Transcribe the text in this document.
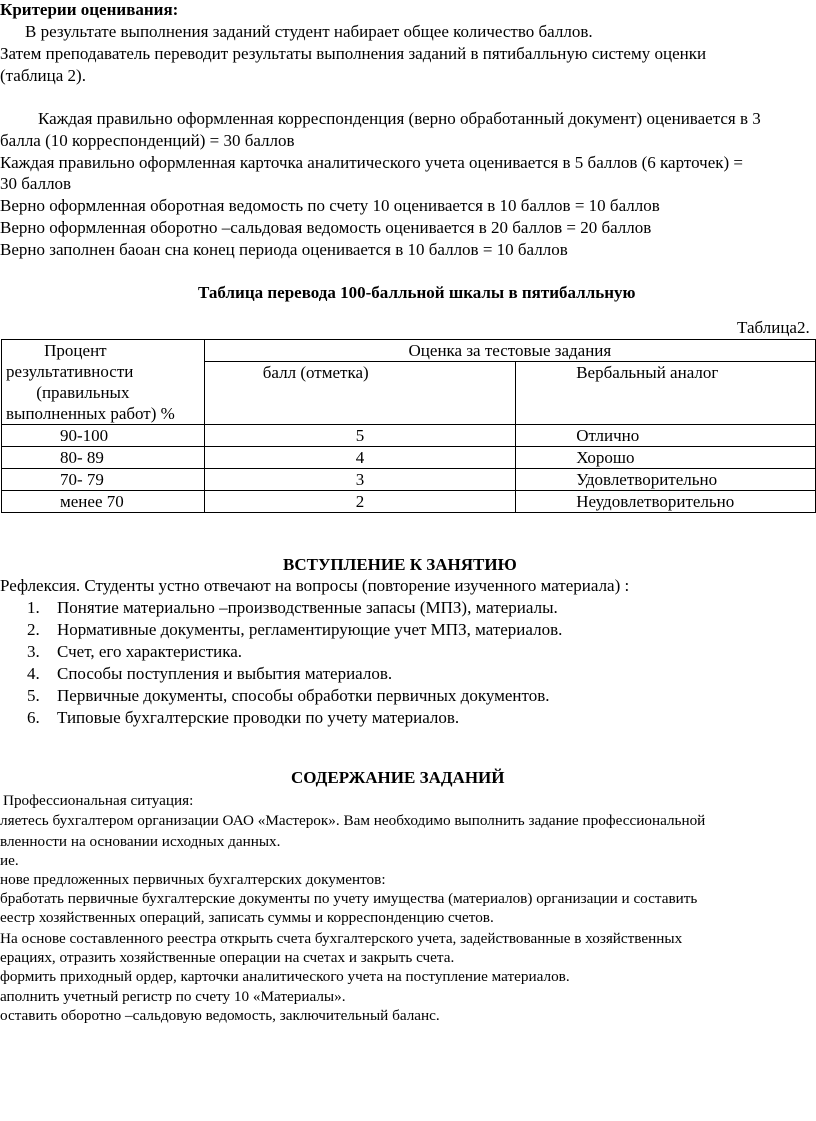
Критерии оценивания:
В результате выполнения заданий студент набирает общее количество баллов.
Затем преподаватель переводит результаты выполнения заданий в пятибалльную систему оценки
(таблица 2).
Каждая правильно оформленная корреспонденция (верно обработанный документ) оценивается в 3
балла (10 корреспонденций) = 30 баллов
Каждая правильно оформленная карточка аналитического учета оценивается в 5 баллов (6 карточек) =
30 баллов
Верно оформленная оборотная ведомость по счету 10 оценивается в 10 баллов = 10 баллов
Верно оформленная оборотно –сальдовая ведомость оценивается в 20 баллов = 20 баллов
Верно заполнен баоан сна конец периода оценивается в 10 баллов = 10 баллов
Таблица перевода 100-балльной шкалы в пятибалльную
Таблица2.
Процент
результативности
(правильных
выполненных работ) %	Оценка за тестовые задания	
	балл (отметка)	Вербальный аналог
90-100	5	Отлично
80- 89	4	Хорошо
70- 79	3	Удовлетворительно
менее 70	2	Неудовлетворительно
ВСТУПЛЕНИЕ К ЗАНЯТИЮ
Рефлексия. Студенты устно отвечают на вопросы (повторение изученного материала) :
1.	Понятие материально –производственные запасы (МПЗ), материалы.
2.	Нормативные документы, регламентирующие учет МПЗ, материалов.
3.	Счет, его характеристика.
4.	Способы поступления и выбытия материалов.
5.	Первичные документы, способы обработки первичных документов.
6.	Типовые бухгалтерские проводки по учету материалов.
СОДЕРЖАНИЕ ЗАДАНИЙ
Профессиональная ситуация:
ляетесь бухгалтером организации ОАО «Мастерок». Вам необходимо выполнить задание профессиональной
вленности на основании исходных данных.
ие.
нове предложенных первичных бухгалтерских документов:
бработать первичные бухгалтерские документы по учету имущества (материалов) организации и составить
еестр хозяйственных операций, записать суммы и корреспонденцию счетов.
На основе составленного реестра открыть счета бухгалтерского учета, задействованные в хозяйственных
ерациях, отразить хозяйственные операции на счетах и закрыть счета.
формить приходный ордер, карточки аналитического учета на поступление материалов.
аполнить учетный регистр по счету 10 «Материалы».
оставить оборотно –сальдовую ведомость, заключительный баланс.
